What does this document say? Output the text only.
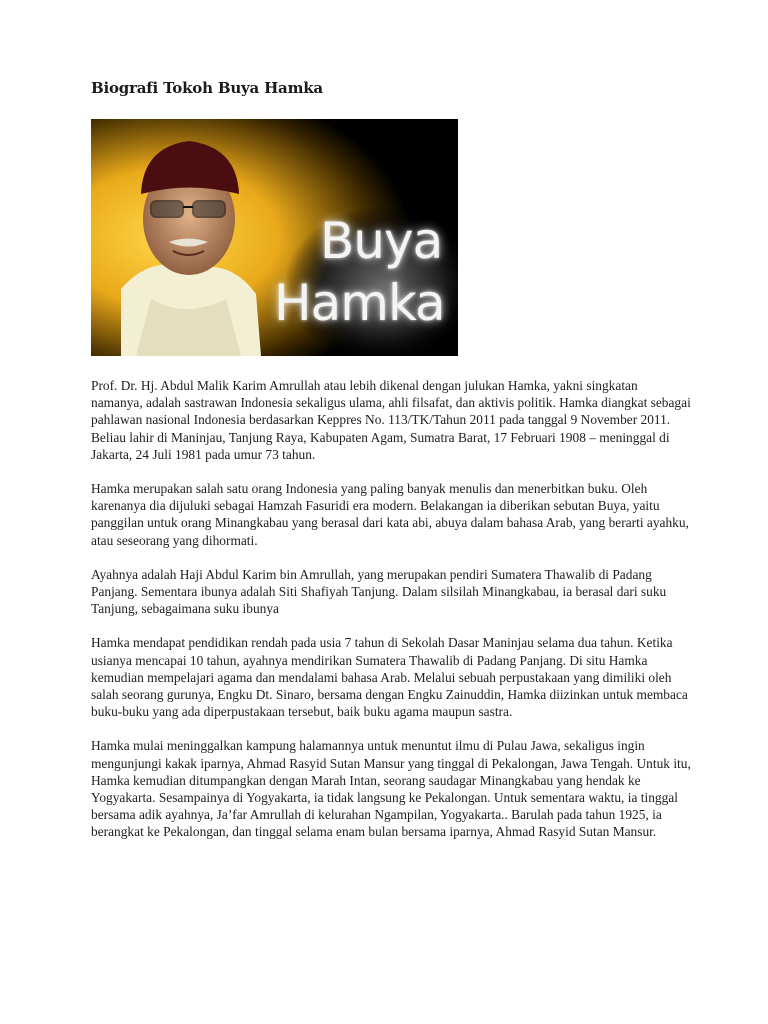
Biografi Tokoh Buya Hamka
Buya
Hamka

Prof. Dr. Hj. Abdul Malik Karim Amrullah atau lebih dikenal dengan julukan Hamka, yakni singkatan namanya, adalah sastrawan Indonesia sekaligus ulama, ahli filsafat, dan aktivis politik. Hamka diangkat sebagai pahlawan nasional Indonesia berdasarkan Keppres No. 113/TK/Tahun 2011 pada tanggal 9 November 2011. Beliau lahir di Maninjau, Tanjung Raya, Kabupaten Agam, Sumatra Barat, 17 Februari 1908 – meninggal di Jakarta, 24 Juli 1981 pada umur 73 tahun.

Hamka merupakan salah satu orang Indonesia yang paling banyak menulis dan menerbitkan buku. Oleh karenanya dia dijuluki sebagai Hamzah Fasuridi era modern. Belakangan ia diberikan sebutan Buya, yaitu panggilan untuk orang Minangkabau yang berasal dari kata abi, abuya dalam bahasa Arab, yang berarti ayahku, atau seseorang yang dihormati.

Ayahnya adalah Haji Abdul Karim bin Amrullah, yang merupakan pendiri Sumatera Thawalib di Padang Panjang. Sementara ibunya adalah Siti Shafiyah Tanjung. Dalam silsilah Minangkabau, ia berasal dari suku Tanjung, sebagaimana suku ibunya

Hamka mendapat pendidikan rendah pada usia 7 tahun di Sekolah Dasar Maninjau selama dua tahun. Ketika usianya mencapai 10 tahun, ayahnya mendirikan Sumatera Thawalib di Padang Panjang. Di situ Hamka kemudian mempelajari agama dan mendalami bahasa Arab. Melalui sebuah perpustakaan yang dimiliki oleh salah seorang gurunya, Engku Dt. Sinaro, bersama dengan Engku Zainuddin, Hamka diizinkan untuk membaca buku-buku yang ada diperpustakaan tersebut, baik buku agama maupun sastra.

Hamka mulai meninggalkan kampung halamannya untuk menuntut ilmu di Pulau Jawa, sekaligus ingin mengunjungi kakak iparnya, Ahmad Rasyid Sutan Mansur yang tinggal di Pekalongan, Jawa Tengah. Untuk itu, Hamka kemudian ditumpangkan dengan Marah Intan, seorang saudagar Minangkabau yang hendak ke Yogyakarta. Sesampainya di Yogyakarta, ia tidak langsung ke Pekalongan. Untuk sementara waktu, ia tinggal bersama adik ayahnya, Ja’far Amrullah di kelurahan Ngampilan, Yogyakarta.. Barulah pada tahun 1925, ia berangkat ke Pekalongan, dan tinggal selama enam bulan bersama iparnya, Ahmad Rasyid Sutan Mansur.
